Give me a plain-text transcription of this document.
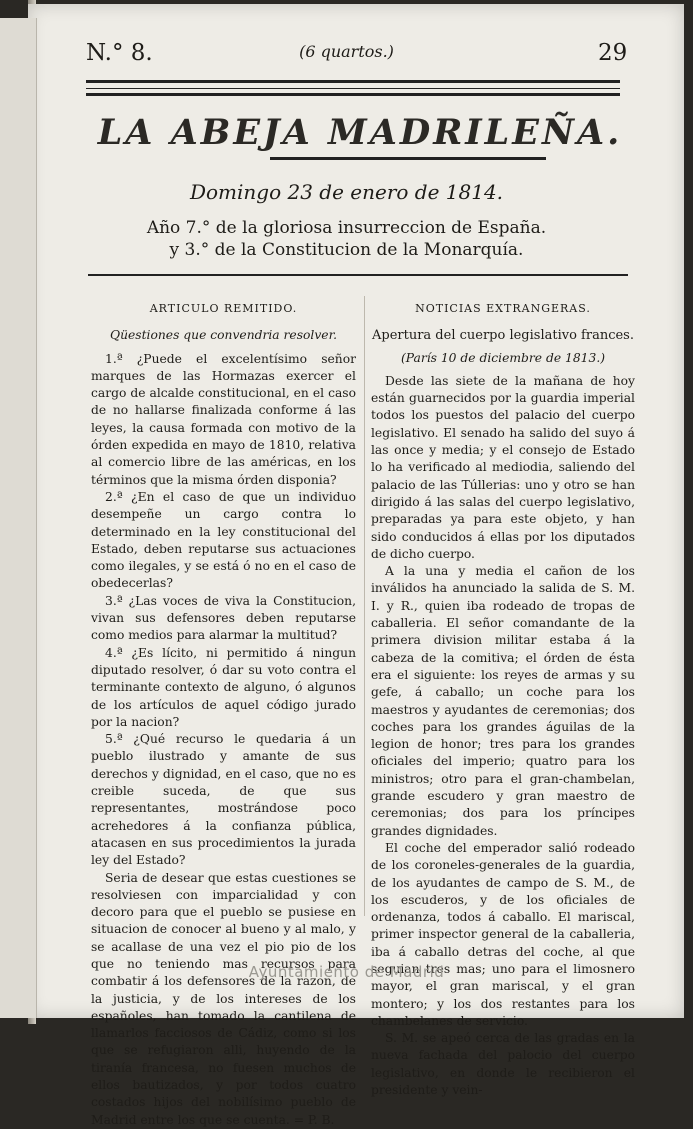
N.° 8.	(6 quartos.)	29
LA ABEJA MADRILEÑA.
Domingo 23 de enero de 1814.
Año 7.° de la gloriosa insurreccion de España.
y 3.° de la Constitucion de la Monarquía.
ARTICULO REMITIDO.
Qüestiones que convendria resolver.

1.ª ¿Puede el excelentísimo señor marques de las Hormazas exercer el cargo de alcalde constitucional, en el caso de no hallarse finalizada conforme á las leyes, la causa formada con motivo de la órden expedida en mayo de 1810, relativa al comercio libre de las américas, en los términos que la misma órden disponia?

2.ª ¿En el caso de que un individuo desempeñe un cargo contra lo determinado en la ley constitucional del Estado, deben reputarse sus actuaciones como ilegales, y se está ó no en el caso de obedecerlas?

3.ª ¿Las voces de viva la Constitucion, vivan sus defensores deben reputarse como medios para alarmar la multitud?

4.ª ¿Es lícito, ni permitido á ningun diputado resolver, ó dar su voto contra el terminante contexto de alguno, ó algunos de los artículos de aquel código jurado por la nacion?

5.ª ¿Qué recurso le quedaria á un pueblo ilustrado y amante de sus derechos y dignidad, en el caso, que no es creible suceda, de que sus representantes, mostrándose poco acrehedores á la confianza pública, atacasen en sus procedimientos la jurada ley del Estado?

Seria de desear que estas cuestiones se resolviesen con imparcialidad y con decoro para que el pueblo se pusiese en situacion de conocer al bueno y al malo, y se acallase de una vez el pio pio de los que no teniendo mas recursos para combatir á los defensores de la razon, de la justicia, y de los intereses de los españoles, han tomado la cantilena de llamarlos facciosos de Cádiz, como si los que se refugiaron alli, huyendo de la tiranía francesa, no fuesen muchos de ellos bautizados, y por todos cuatro costados hijos del nobilísimo pueblo de Madrid entre los que se cuenta. = P. B.

NOTICIAS EXTRANGERAS.
Apertura del cuerpo legislativo frances.
(París 10 de diciembre de 1813.)

Desde las siete de la mañana de hoy están guarnecidos por la guardia imperial todos los puestos del palacio del cuerpo legislativo. El senado ha salido del suyo á las once y media; y el consejo de Estado lo ha verificado al mediodia, saliendo del palacio de las Túllerias: uno y otro se han dirigido á las salas del cuerpo legislativo, preparadas ya para este objeto, y han sido conducidos á ellas por los diputados de dicho cuerpo.

A la una y media el cañon de los inválidos ha anunciado la salida de S. M. I. y R., quien iba rodeado de tropas de caballeria. El señor comandante de la primera division militar estaba á la cabeza de la comitiva; el órden de ésta era el siguiente: los reyes de armas y su gefe, á caballo; un coche para los maestros y ayudantes de ceremonias; dos coches para los grandes águilas de la legion de honor; tres para los grandes oficiales del imperio; quatro para los ministros; otro para el gran-chambelan, grande escudero y gran maestro de ceremonias; dos para los príncipes grandes dignidades.

El coche del emperador salió rodeado de los coroneles-generales de la guardia, de los ayudantes de campo de S. M., de los escuderos, y de los oficiales de ordenanza, todos á caballo. El mariscal, primer inspector general de la caballeria, iba á caballo detras del coche, al que seguian tres mas; uno para el limosnero mayor, el gran mariscal, y el gran montero; y los dos restantes para los chambelanes de servicio.

S. M. se apeó cerca de las gradas en la nueva fachada del palocio del cuerpo legislativo, en donde le recibieron el presidente y vein-

Ayuntamiento de Madrid
